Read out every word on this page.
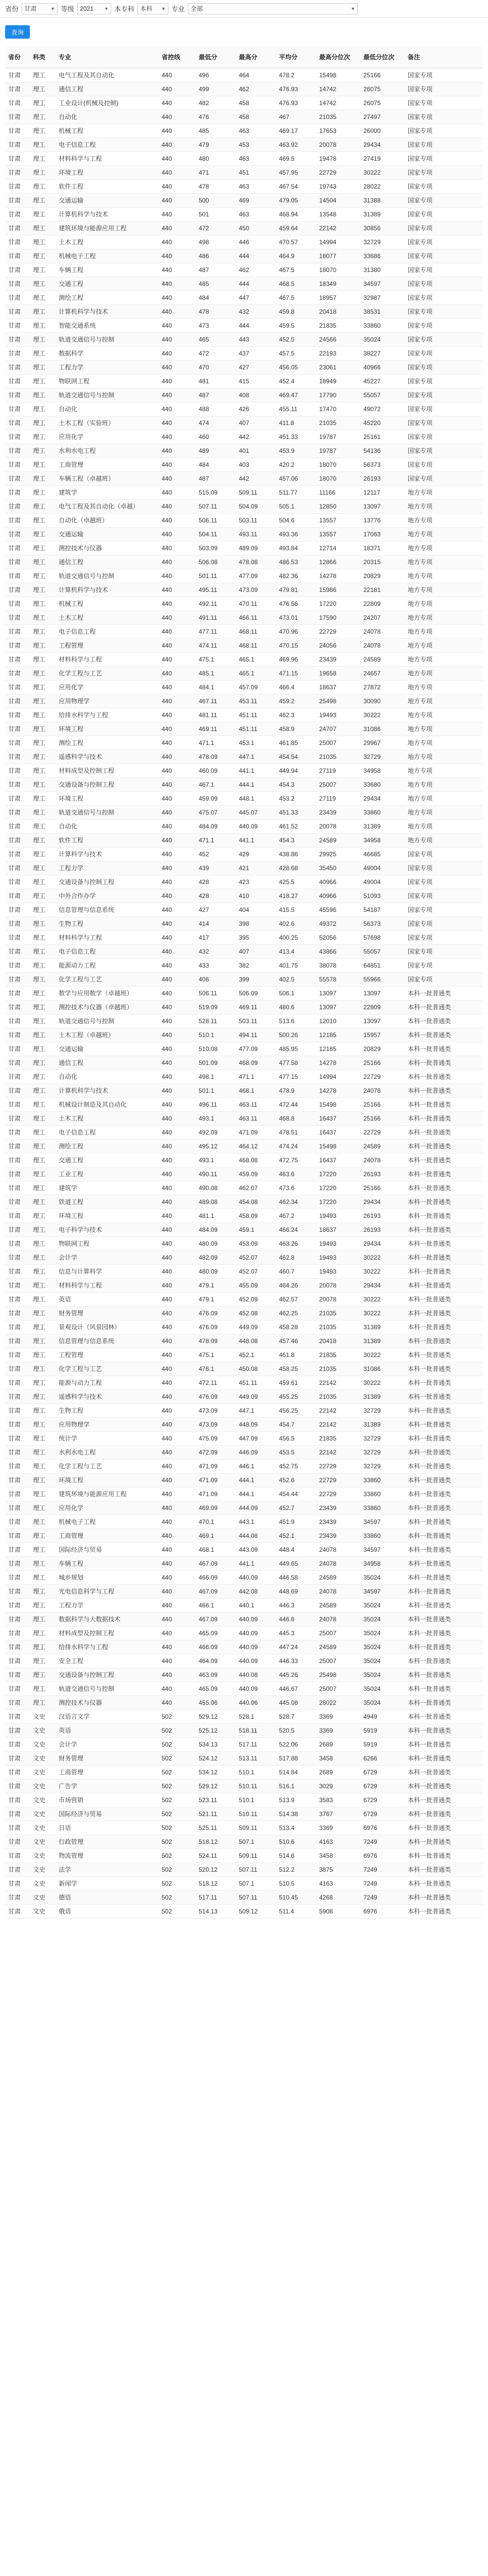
省份 甘肃	▼ 等级 2021	▼ 本专科 本科	▼ 专业 全部	▼
查询
省份	科类	专业	省控线	最低分	最高分	平均分	最高分位次	最低分位次	备注
甘肃	理工	电气工程及其自动化	440	496	464	478.2	15498	25166	国家专项
甘肃	理工	通信工程	440	499	462	476.93	14742	26075	国家专项
甘肃	理工	工业设计(机械及控制)	440	482	458	476.93	14742	26075	国家专项
甘肃	理工	自动化	440	476	458	467	21035	27497	国家专项
甘肃	理工	机械工程	440	485	463	469.17	17653	26000	国家专项
甘肃	理工	电子信息工程	440	479	453	463.92	20078	29434	国家专项
甘肃	理工	材料科学与工程	440	480	463	469.5	19478	27419	国家专项
甘肃	理工	环境工程	440	471	451	457.95	22729	30222	国家专项
甘肃	理工	软件工程	440	478	463	467.54	19743	28022	国家专项
甘肃	理工	交通运输	440	500	469	479.05	14504	31388	国家专项
甘肃	理工	计算机科学与技术	440	501	463	468.94	13548	31389	国家专项
甘肃	理工	建筑环境与能源应用工程	440	472	450	459.64	22142	30856	国家专项
甘肃	理工	土木工程	440	498	446	470.57	14994	32729	国家专项
甘肃	理工	机械电子工程	440	486	444	464.9	18077	33686	国家专项
甘肃	理工	车辆工程	440	487	462	467.5	18070	31380	国家专项
甘肃	理工	交通工程	440	485	444	468.5	18349	34597	国家专项
甘肃	理工	测绘工程	440	484	447	467.5	18957	32987	国家专项
甘肃	理工	计算机科学与技术	440	478	432	459.8	20418	38531	国家专项
甘肃	理工	智能交通系统	440	473	444	459.5	21835	33860	国家专项
甘肃	理工	轨道交通信号与控制	440	465	443	452.5	24566	35024	国家专项
甘肃	理工	数据科学	440	472	437	457.5	22193	38227	国家专项
甘肃	理工	工程力学	440	470	427	456.05	23061	40966	国家专项
甘肃	理工	物联网工程	440	481	415	452.4	18949	45227	国家专项
甘肃	理工	轨道交通信号与控制	440	487	408	469.47	17790	55057	国家专项
甘肃	理工	自动化	440	488	426	455.11	17470	49072	国家专项
甘肃	理工	土木工程（实验班）	440	474	407	411.8	21035	45220	国家专项
甘肃	理工	应用化学	440	460	442	451.33	19787	25161	国家专项
甘肃	理工	水利水电工程	440	489	401	453.9	19787	54136	国家专项
甘肃	理工	工商管理	440	484	403	420.2	18070	56373	国家专项
甘肃	理工	车辆工程（卓越班）	440	487	442	457.06	18070	26193	国家专项
甘肃	理工	建筑学	440	515.09	509.11	511.77	11166	12117	地方专项
甘肃	理工	电气工程及其自动化（卓越）	440	507.11	504.09	505.1	12850	13097	地方专项
甘肃	理工	自动化（卓越班）	440	506.11	503.11	504.6	13557	13776	地方专项
甘肃	理工	交通运输	440	504.11	493.11	493.36	13557	17063	地方专项
甘肃	理工	测控技术与仪器	440	503.09	489.09	493.84	12714	18371	地方专项
甘肃	理工	通信工程	440	506.08	478.08	486.53	12866	20315	地方专项
甘肃	理工	轨道交通信号与控制	440	501.11	477.09	482.36	14278	20829	地方专项
甘肃	理工	计算机科学与技术	440	495.11	473.09	479.81	15986	22181	地方专项
甘肃	理工	机械工程	440	492.11	470.11	476.56	17220	22809	地方专项
甘肃	理工	土木工程	440	491.11	466.11	473.01	17590	24207	地方专项
甘肃	理工	电子信息工程	440	477.11	468.11	470.96	22729	24078	地方专项
甘肃	理工	工程管理	440	474.11	468.11	470.15	24056	24078	地方专项
甘肃	理工	材料科学与工程	440	475.1	465.1	469.96	23439	24589	地方专项
甘肃	理工	化学工程与工艺	440	485.1	465.1	471.15	19658	24657	地方专项
甘肃	理工	应用化学	440	484.1	457.09	466.4	18637	27872	地方专项
甘肃	理工	应用物理学	440	467.11	453.11	459.2	25498	30090	地方专项
甘肃	理工	给排水科学与工程	440	481.11	451.11	462.3	19493	30222	地方专项
甘肃	理工	环境工程	440	469.11	451.11	458.9	24707	31086	地方专项
甘肃	理工	测绘工程	440	471.1	453.1	461.85	25007	29967	地方专项
甘肃	理工	遥感科学与技术	440	478.09	447.1	454.54	21035	32729	地方专项
甘肃	理工	材料成型及控制工程	440	460.09	441.1	449.94	27119	34958	地方专项
甘肃	理工	交通设备与控制工程	440	467.1	444.1	454.3	25007	33680	地方专项
甘肃	理工	环境工程	440	459.09	448.1	453.2	27119	29434	地方专项
甘肃	理工	轨道交通信号与控制	440	475.07	445.07	451.33	23439	33860	地方专项
甘肃	理工	自动化	440	484.09	440.09	461.52	20078	31389	地方专项
甘肃	理工	软件工程	440	471.1	441.1	454.3	24589	34958	地方专项
甘肃	理工	计算科学与技术	440	452	429	438.86	29925	46685	国家专项
甘肃	理工	工程力学	440	439	421	428.68	35450	49004	国家专项
甘肃	理工	交通设备与控制工程	440	428	423	425.5	40966	49004	国家专项
甘肃	理工	中外合作办学	440	428	410	418.27	40966	51093	国家专项
甘肃	理工	信息管理与信息系统	440	427	404	415.5	45596	54187	国家专项
甘肃	理工	生物工程	440	414	398	402.6	49372	56373	国家专项
甘肃	理工	材料科学与工程	440	417	395	400.25	52056	57698	国家专项
甘肃	理工	电子信息工程	440	432	407	413.4	43866	55057	国家专项
甘肃	理工	能源动力工程	440	433	382	401.75	38078	64851	国家专项
甘肃	理工	化学工程与工艺	440	406	399	402.5	55578	55966	国家专项
甘肃	理工	数学与应用数学（卓越班）	440	506.11	506.09	506.1	13097	13097	本科一批普通类
甘肃	理工	测控技术与仪器（卓越班）	440	519.09	469.11	480.6	13097	22809	本科一批普通类
甘肃	理工	轨道交通信号与控制	440	528.11	503.11	513.6	12010	13097	本科一批普通类
甘肃	理工	土木工程（卓越班）	440	510.1	494.11	500.26	12185	15957	本科一批普通类
甘肃	理工	交通运输	440	510.08	477.09	485.95	12185	20829	本科一批普通类
甘肃	理工	通信工程	440	501.09	468.09	477.58	14278	25166	本科一批普通类
甘肃	理工	自动化	440	498.1	471.1	477.15	14994	22729	本科一批普通类
甘肃	理工	计算机科学与技术	440	501.1	468.1	478.9	14278	24078	本科一批普通类
甘肃	理工	机械设计制造及其自动化	440	496.11	463.11	472.44	15498	25166	本科一批普通类
甘肃	理工	土木工程	440	493.1	463.11	468.8	16437	25166	本科一批普通类
甘肃	理工	电子信息工程	440	492.09	471.09	478.51	16437	22729	本科一批普通类
甘肃	理工	测绘工程	440	495.12	464.12	474.24	15498	24589	本科一批普通类
甘肃	理工	交通工程	440	493.1	468.08	472.75	16437	24078	本科一批普通类
甘肃	理工	工业工程	440	490.11	459.09	463.6	17220	26193	本科一批普通类
甘肃	理工	建筑学	440	490.08	462.07	473.6	17220	25166	本科一批普通类
甘肃	理工	铁道工程	440	489.08	454.08	462.34	17220	29434	本科一批普通类
甘肃	理工	环境工程	440	481.1	458.09	467.2	19493	26193	本科一批普通类
甘肃	理工	电子科学与技术	440	484.09	459.1	466.24	18637	26193	本科一批普通类
甘肃	理工	物联网工程	440	480.09	453.09	463.26	19493	29434	本科一批普通类
甘肃	理工	会计学	440	482.09	452.07	462.8	19493	30222	本科一批普通类
甘肃	理工	信息与计算科学	440	480.09	452.07	460.7	19493	30222	本科一批普通类
甘肃	理工	材料科学与工程	440	479.1	455.09	464.26	20078	29434	本科一批普通类
甘肃	理工	英语	440	479.1	452.09	462.57	20078	30222	本科一批普通类
甘肃	理工	财务管理	440	476.09	452.08	462.25	21035	30222	本科一批普通类
甘肃	理工	景观设计（风景园林）	440	476.09	449.09	458.28	21035	31389	本科一批普通类
甘肃	理工	信息管理与信息系统	440	478.09	448.08	457.46	20418	31389	本科一批普通类
甘肃	理工	工程管理	440	475.1	452.1	461.8	21835	30222	本科一批普通类
甘肃	理工	化学工程与工艺	440	476.1	450.08	458.25	21035	31086	本科一批普通类
甘肃	理工	能源与动力工程	440	472.11	451.11	459.61	22142	30222	本科一批普通类
甘肃	理工	遥感科学与技术	440	476.09	449.09	455.25	21035	31389	本科一批普通类
甘肃	理工	生物工程	440	473.09	447.1	456.25	22142	32729	本科一批普通类
甘肃	理工	应用物理学	440	473.09	448.09	454.7	22142	31389	本科一批普通类
甘肃	理工	统计学	440	475.09	447.09	456.5	21835	32729	本科一批普通类
甘肃	理工	水利水电工程	440	472.09	446.09	453.5	22142	32729	本科一批普通类
甘肃	理工	化学工程与工艺	440	471.09	446.1	452.75	22729	32729	本科一批普通类
甘肃	理工	环境工程	440	471.09	444.1	452.6	22729	33860	本科一批普通类
甘肃	理工	建筑环境与能源应用工程	440	471.09	444.1	454.44	22729	33860	本科一批普通类
甘肃	理工	应用化学	440	469.09	444.09	452.7	23439	33860	本科一批普通类
甘肃	理工	机械电子工程	440	470.1	443.1	451.9	23439	34597	本科一批普通类
甘肃	理工	工商管理	440	469.1	444.08	452.1	23439	33860	本科一批普通类
甘肃	理工	国际经济与贸易	440	468.1	443.09	448.4	24078	34597	本科一批普通类
甘肃	理工	车辆工程	440	467.09	441.1	449.65	24078	34958	本科一批普通类
甘肃	理工	城乡规划	440	466.09	440.09	446.58	24589	35024	本科一批普通类
甘肃	理工	光电信息科学与工程	440	467.09	442.08	448.69	24078	34597	本科一批普通类
甘肃	理工	工程力学	440	466.1	440.1	446.3	24589	35024	本科一批普通类
甘肃	理工	数据科学与大数据技术	440	467.09	440.09	446.8	24078	35024	本科一批普通类
甘肃	理工	材料成型及控制工程	440	465.09	440.09	445.3	25007	35024	本科一批普通类
甘肃	理工	给排水科学与工程	440	466.09	440.09	447.24	24589	35024	本科一批普通类
甘肃	理工	安全工程	440	464.09	440.09	446.33	25007	35024	本科一批普通类
甘肃	理工	交通设备与控制工程	440	463.09	440.08	445.26	25498	35024	本科一批普通类
甘肃	理工	轨道交通信号与控制	440	465.09	440.09	446.67	25007	35024	本科一批普通类
甘肃	理工	测控技术与仪器	440	455.06	440.06	445.08	28022	35024	本科一批普通类
甘肃	文史	汉语言文学	502	529.12	528.1	528.7	3369	4949	本科一批普通类
甘肃	文史	英语	502	525.12	518.11	520.5	3369	5919	本科一批普通类
甘肃	文史	会计学	502	534.13	517.11	522.06	2689	5919	本科一批普通类
甘肃	文史	财务管理	502	524.12	513.11	517.88	3458	6266	本科一批普通类
甘肃	文史	工商管理	502	534.12	510.1	514.84	2689	6729	本科一批普通类
甘肃	文史	广告学	502	529.12	510.11	516.1	3029	6729	本科一批普通类
甘肃	文史	市场营销	502	523.11	510.1	513.9	3583	6729	本科一批普通类
甘肃	文史	国际经济与贸易	502	521.11	510.11	514.38	3767	6729	本科一批普通类
甘肃	文史	日语	502	525.11	509.11	513.4	3369	6976	本科一批普通类
甘肃	文史	行政管理	502	518.12	507.1	510.6	4163	7249	本科一批普通类
甘肃	文史	物流管理	502	524.11	509.11	514.6	3458	6976	本科一批普通类
甘肃	文史	法学	502	520.12	507.11	512.2	3875	7249	本科一批普通类
甘肃	文史	新闻学	502	518.12	507.1	510.5	4163	7249	本科一批普通类
甘肃	文史	德语	502	517.11	507.11	510.45	4268	7249	本科一批普通类
甘肃	文史	俄语	502	514.13	509.12	511.4	5908	6976	本科一批普通类
